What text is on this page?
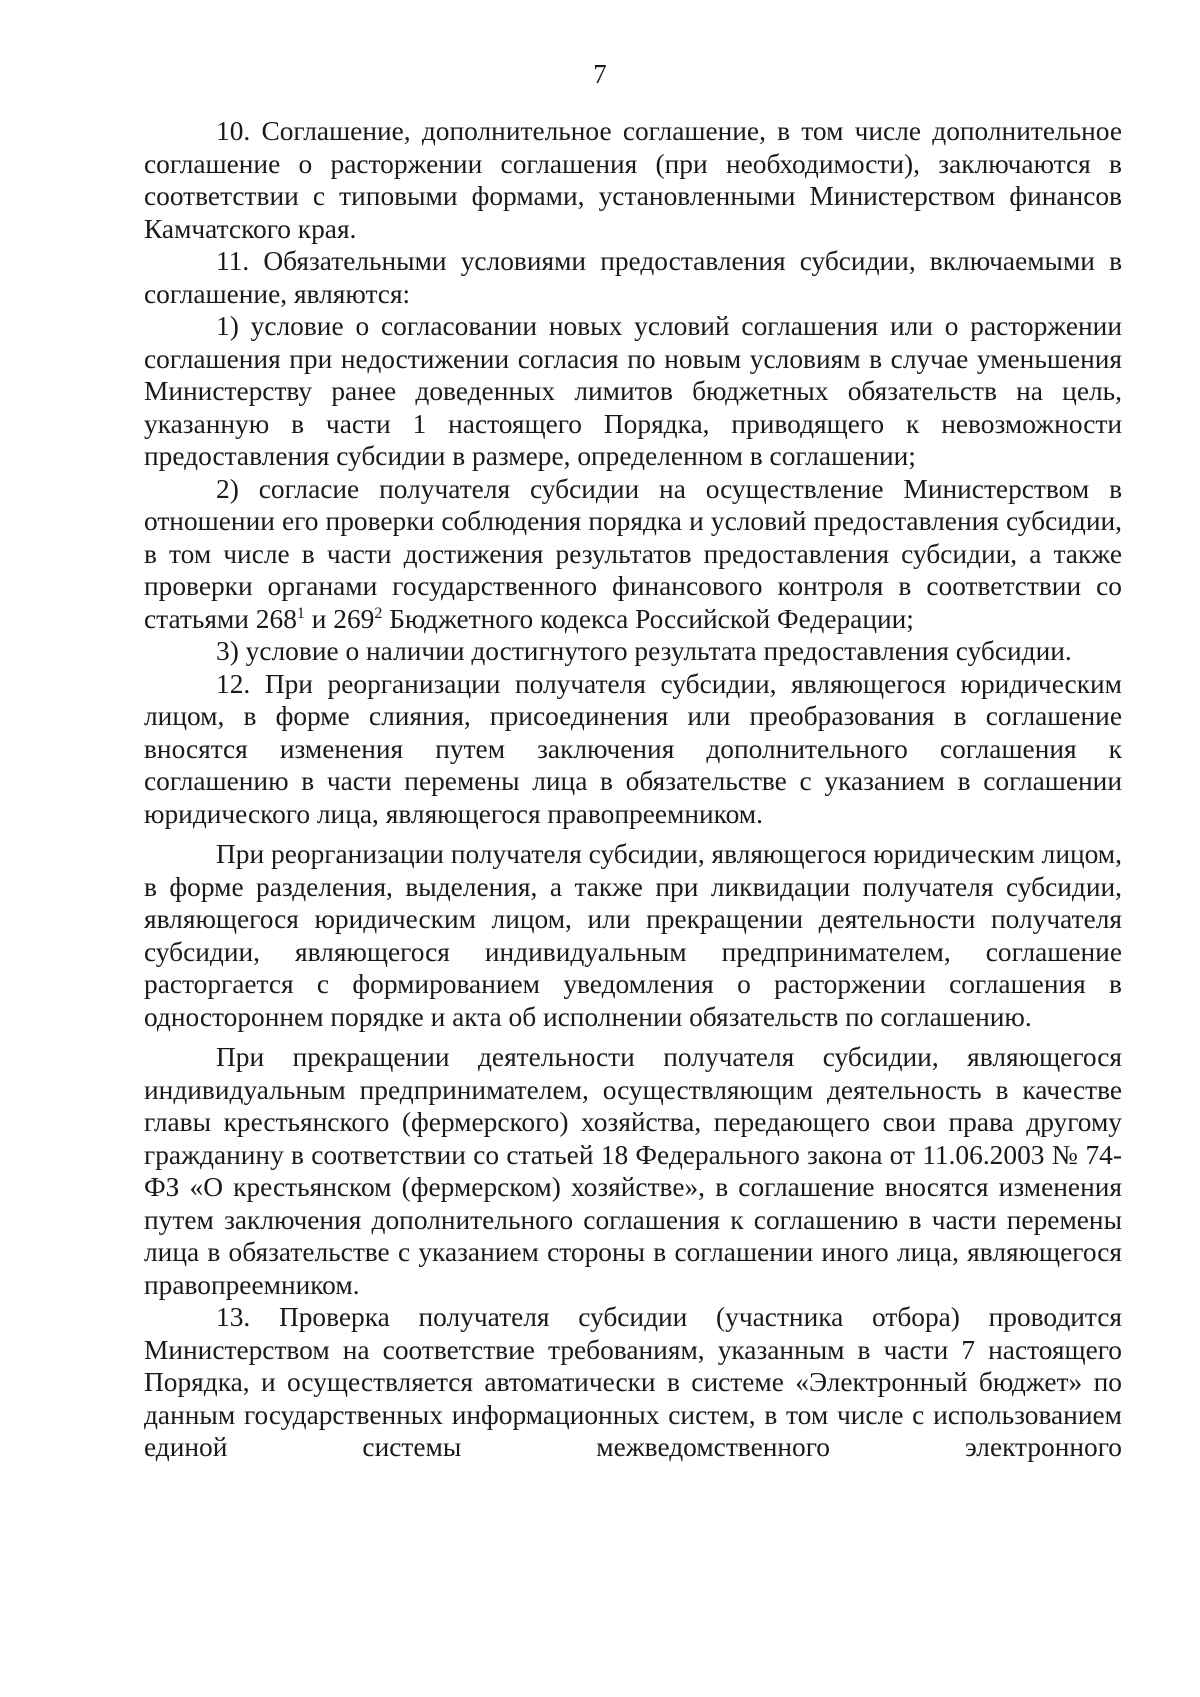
7

10. Соглашение, дополнительное соглашение, в том числе дополнительное соглашение о расторжении соглашения (при необходимости), заключаются в соответствии с типовыми формами, установленными Министерством финансов Камчатского края.

11. Обязательными условиями предоставления субсидии, включаемыми в соглашение, являются:

1) условие о согласовании новых условий соглашения или о расторжении соглашения при недостижении согласия по новым условиям в случае уменьшения Министерству ранее доведенных лимитов бюджетных обязательств на цель, указанную в части 1 настоящего Порядка, приводящего к невозможности предоставления субсидии в размере, определенном в соглашении;

2) согласие получателя субсидии на осуществление Министерством в отношении его проверки соблюдения порядка и условий предоставления субсидии, в том числе в части достижения результатов предоставления субсидии, а также проверки органами государственного финансового контроля в соответствии со статьями $268^1$ и $269^2$ Бюджетного кодекса Российской Федерации;

3) условие о наличии достигнутого результата предоставления субсидии.

12. При реорганизации получателя субсидии, являющегося юридическим лицом, в форме слияния, присоединения или преобразования в соглашение вносятся изменения путем заключения дополнительного соглашения к соглашению в части перемены лица в обязательстве с указанием в соглашении юридического лица, являющегося правопреемником.

При реорганизации получателя субсидии, являющегося юридическим лицом, в форме разделения, выделения, а также при ликвидации получателя субсидии, являющегося юридическим лицом, или прекращении деятельности получателя субсидии, являющегося индивидуальным предпринимателем, соглашение расторгается с формированием уведомления о расторжении соглашения в одностороннем порядке и акта об исполнении обязательств по соглашению.

При прекращении деятельности получателя субсидии, являющегося индивидуальным предпринимателем, осуществляющим деятельность в качестве главы крестьянского (фермерского) хозяйства, передающего свои права другому гражданину в соответствии со статьей 18 Федерального закона от 11.06.2003 № 74-ФЗ «О крестьянском (фермерском) хозяйстве», в соглашение вносятся изменения путем заключения дополнительного соглашения к соглашению в части перемены лица в обязательстве с указанием стороны в соглашении иного лица, являющегося правопреемником.

13. Проверка получателя субсидии (участника отбора) проводится Министерством на соответствие требованиям, указанным в части 7 настоящего Порядка, и осуществляется автоматически в системе «Электронный бюджет» по данным государственных информационных систем, в том числе с использованием единой системы межведомственного электронного
